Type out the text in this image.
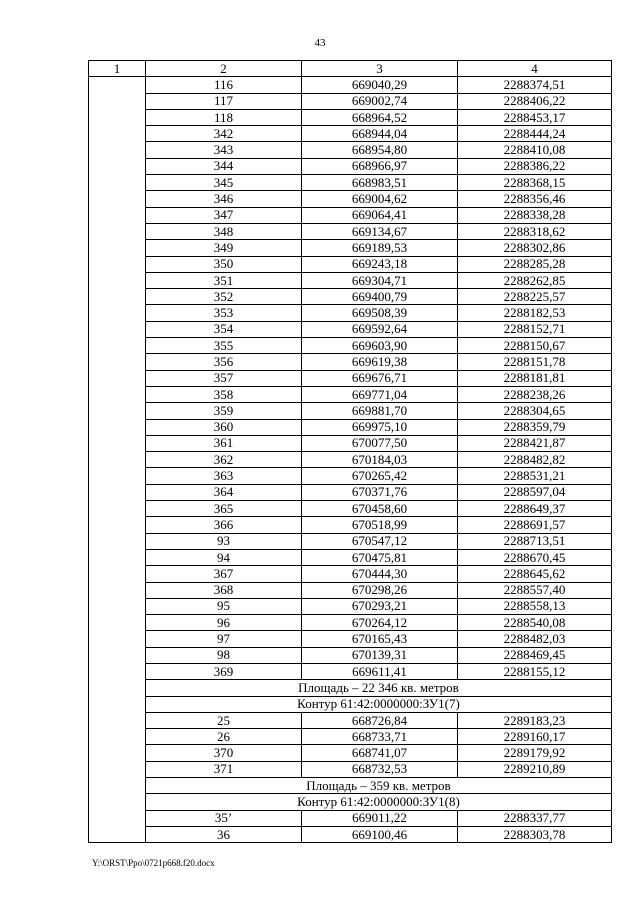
43
1	2	3	4
	116	669040,29	2288374,51
	117	669002,74	2288406,22
	118	668964,52	2288453,17
	342	668944,04	2288444,24
	343	668954,80	2288410,08
	344	668966,97	2288386,22
	345	668983,51	2288368,15
	346	669004,62	2288356,46
	347	669064,41	2288338,28
	348	669134,67	2288318,62
	349	669189,53	2288302,86
	350	669243,18	2288285,28
	351	669304,71	2288262,85
	352	669400,79	2288225,57
	353	669508,39	2288182,53
	354	669592,64	2288152,71
	355	669603,90	2288150,67
	356	669619,38	2288151,78
	357	669676,71	2288181,81
	358	669771,04	2288238,26
	359	669881,70	2288304,65
	360	669975,10	2288359,79
	361	670077,50	2288421,87
	362	670184,03	2288482,82
	363	670265,42	2288531,21
	364	670371,76	2288597,04
	365	670458,60	2288649,37
	366	670518,99	2288691,57
	93	670547,12	2288713,51
	94	670475,81	2288670,45
	367	670444,30	2288645,62
	368	670298,26	2288557,40
	95	670293,21	2288558,13
	96	670264,12	2288540,08
	97	670165,43	2288482,03
	98	670139,31	2288469,45
	369	669611,41	2288155,12
	Площадь – 22 346 кв. метров		
	Контур 61:42:0000000:ЗУ1(7)		
	25	668726,84	2289183,23
	26	668733,71	2289160,17
	370	668741,07	2289179,92
	371	668732,53	2289210,89
	Площадь – 359 кв. метров		
	Контур 61:42:0000000:ЗУ1(8)		
	35’	669011,22	2288337,77
	36	669100,46	2288303,78
Y:\ORST\Ppo\0721p668.f20.docx
